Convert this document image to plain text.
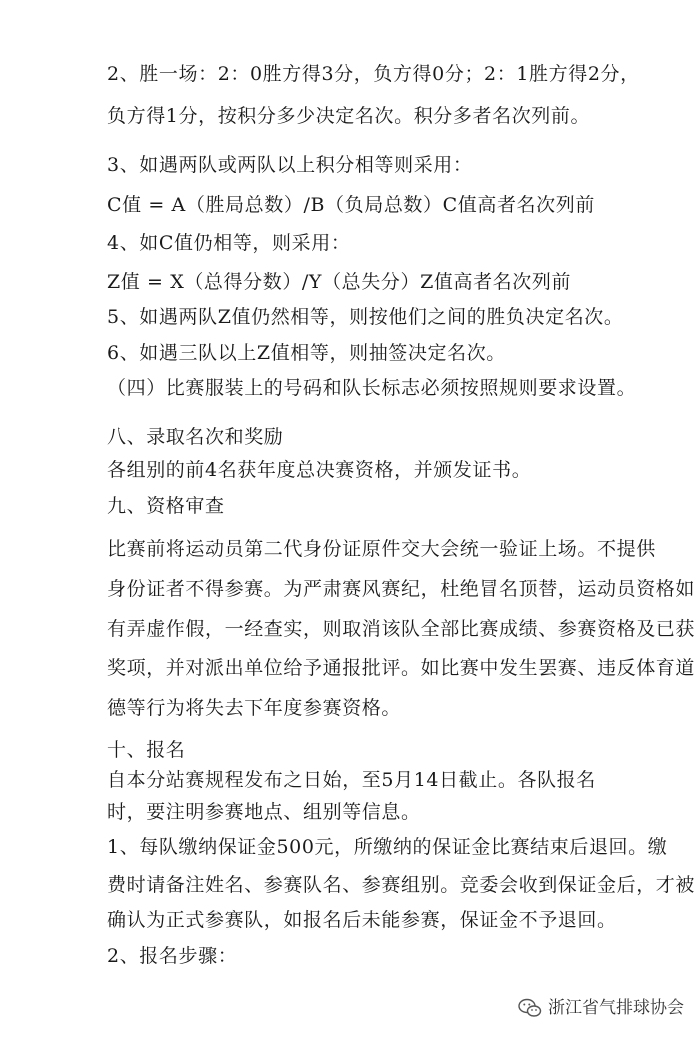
2、胜一场：2：0胜方得3分，负方得0分；2：1胜方得2分，
负方得1分，按积分多少决定名次。积分多者名次列前。
3、如遇两队或两队以上积分相等则采用：
C值 = A（胜局总数）/B（负局总数）C值高者名次列前
4、如C值仍相等，则采用：
Z值 = X（总得分数）/Y（总失分）Z值高者名次列前
5、如遇两队Z值仍然相等，则按他们之间的胜负决定名次。
6、如遇三队以上Z值相等，则抽签决定名次。
（四）比赛服装上的号码和队长标志必须按照规则要求设置。
八、录取名次和奖励
各组别的前4名获年度总决赛资格，并颁发证书。
九、资格审查
比赛前将运动员第二代身份证原件交大会统一验证上场。不提供
身份证者不得参赛。为严肃赛风赛纪，杜绝冒名顶替，运动员资格如
有弄虚作假，一经查实，则取消该队全部比赛成绩、参赛资格及已获
奖项，并对派出单位给予通报批评。如比赛中发生罢赛、违反体育道
德等行为将失去下年度参赛资格。
十、报名
自本分站赛规程发布之日始，至5月14日截止。各队报名
时，要注明参赛地点、组别等信息。
1、每队缴纳保证金500元，所缴纳的保证金比赛结束后退回。缴
费时请备注姓名、参赛队名、参赛组别。竞委会收到保证金后，才被
确认为正式参赛队，如报名后未能参赛，保证金不予退回。
2、报名步骤：
浙江省气排球协会
